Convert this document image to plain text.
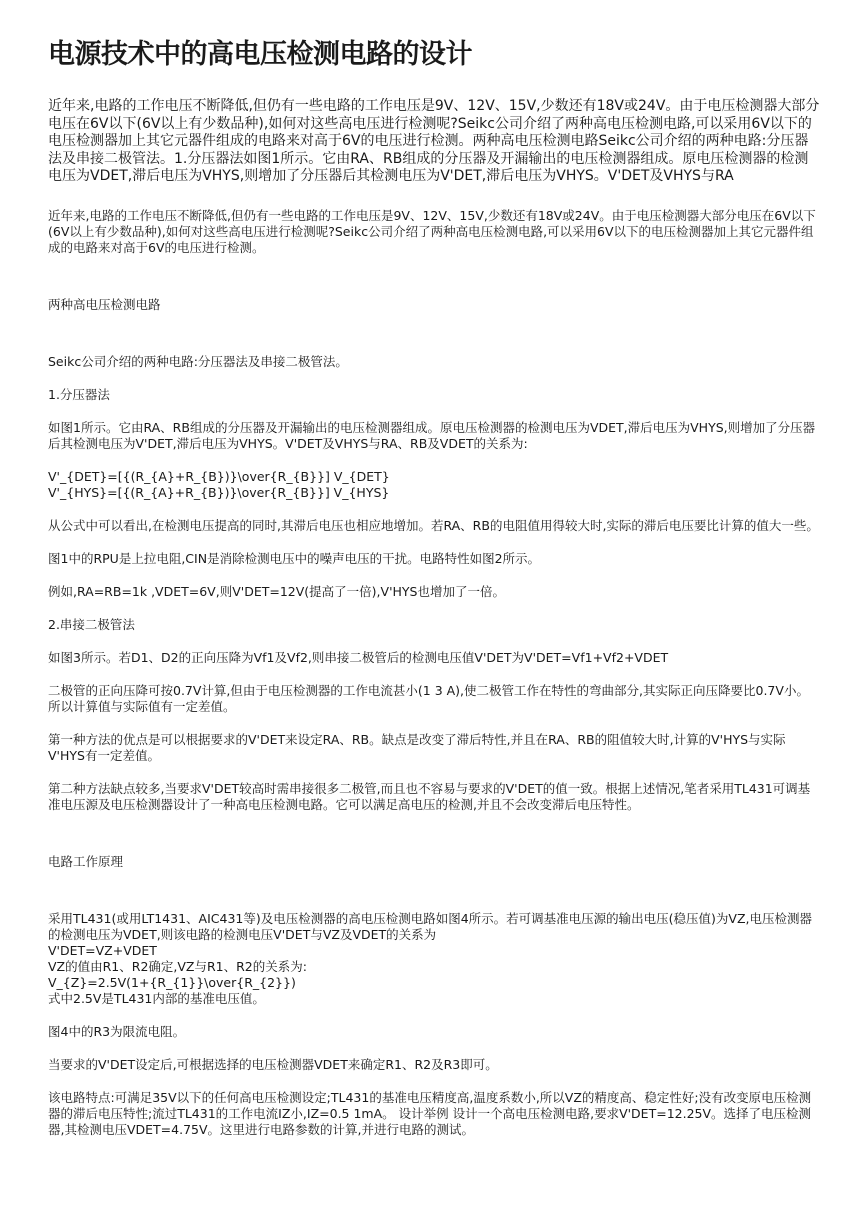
电源技术中的高电压检测电路的设计

近年来,电路的工作电压不断降低,但仍有一些电路的工作电压是9V、12V、15V,少数还有18V或24V。由于电压检测器大部分电压在6V以下(6V以上有少数品种),如何对这些高电压进行检测呢?Seikc公司介绍了两种高电压检测电路,可以采用6V以下的电压检测器加上其它元器件组成的电路来对高于6V的电压进行检测。两种高电压检测电路Seikc公司介绍的两种电路:分压器法及串接二极管法。1.分压器法如图1所示。它由RA、RB组成的分压器及开漏输出的电压检测器组成。原电压检测器的检测电压为VDET,滞后电压为VHYS,则增加了分压器后其检测电压为V'DET,滞后电压为VHYS。V'DET及VHYS与RA

近年来,电路的工作电压不断降低,但仍有一些电路的工作电压是9V、12V、15V,少数还有18V或24V。由于电压检测器大部分电压在6V以下(6V以上有少数品种),如何对这些高电压进行检测呢?Seikc公司介绍了两种高电压检测电路,可以采用6V以下的电压检测器加上其它元器件组成的电路来对高于6V的电压进行检测。

两种高电压检测电路

Seikc公司介绍的两种电路:分压器法及串接二极管法。

1.分压器法

如图1所示。它由RA、RB组成的分压器及开漏输出的电压检测器组成。原电压检测器的检测电压为VDET,滞后电压为VHYS,则增加了分压器后其检测电压为V'DET,滞后电压为VHYS。V'DET及VHYS与RA、RB及VDET的关系为:

V'_{DET}=[{(R_{A}+R_{B})}\over{R_{B}}] V_{DET}
V'_{HYS}=[{(R_{A}+R_{B})}\over{R_{B}}] V_{HYS}

从公式中可以看出,在检测电压提高的同时,其滞后电压也相应地增加。若RA、RB的电阻值用得较大时,实际的滞后电压要比计算的值大一些。

图1中的RPU是上拉电阻,CIN是消除检测电压中的噪声电压的干扰。电路特性如图2所示。

例如,RA=RB=1k ,VDET=6V,则V'DET=12V(提高了一倍),V'HYS也增加了一倍。

2.串接二极管法

如图3所示。若D1、D2的正向压降为Vf1及Vf2,则串接二极管后的检测电压值V'DET为V'DET=Vf1+Vf2+VDET

二极管的正向压降可按0.7V计算,但由于电压检测器的工作电流甚小(1 3 A),使二极管工作在特性的弯曲部分,其实际正向压降要比0.7V小。所以计算值与实际值有一定差值。

第一种方法的优点是可以根据要求的V'DET来设定RA、RB。缺点是改变了滞后特性,并且在RA、RB的阻值较大时,计算的V'HYS与实际V'HYS有一定差值。

第二种方法缺点较多,当要求V'DET较高时需串接很多二极管,而且也不容易与要求的V'DET的值一致。根据上述情况,笔者采用TL431可调基准电压源及电压检测器设计了一种高电压检测电路。它可以满足高电压的检测,并且不会改变滞后电压特性。

电路工作原理

采用TL431(或用LT1431、AIC431等)及电压检测器的高电压检测电路如图4所示。若可调基准电压源的输出电压(稳压值)为VZ,电压检测器的检测电压为VDET,则该电路的检测电压V'DET与VZ及VDET的关系为
V'DET=VZ+VDET
VZ的值由R1、R2确定,VZ与R1、R2的关系为:
V_{Z}=2.5V(1+{R_{1}}\over{R_{2}})
式中2.5V是TL431内部的基准电压值。

图4中的R3为限流电阻。

当要求的V'DET设定后,可根据选择的电压检测器VDET来确定R1、R2及R3即可。

该电路特点:可满足35V以下的任何高电压检测设定;TL431的基准电压精度高,温度系数小,所以VZ的精度高、稳定性好;没有改变原电压检测器的滞后电压特性;流过TL431的工作电流IZ小,IZ=0.5 1mA。 设计举例 设计一个高电压检测电路,要求V'DET=12.25V。选择了电压检测器,其检测电压VDET=4.75V。这里进行电路参数的计算,并进行电路的测试。
